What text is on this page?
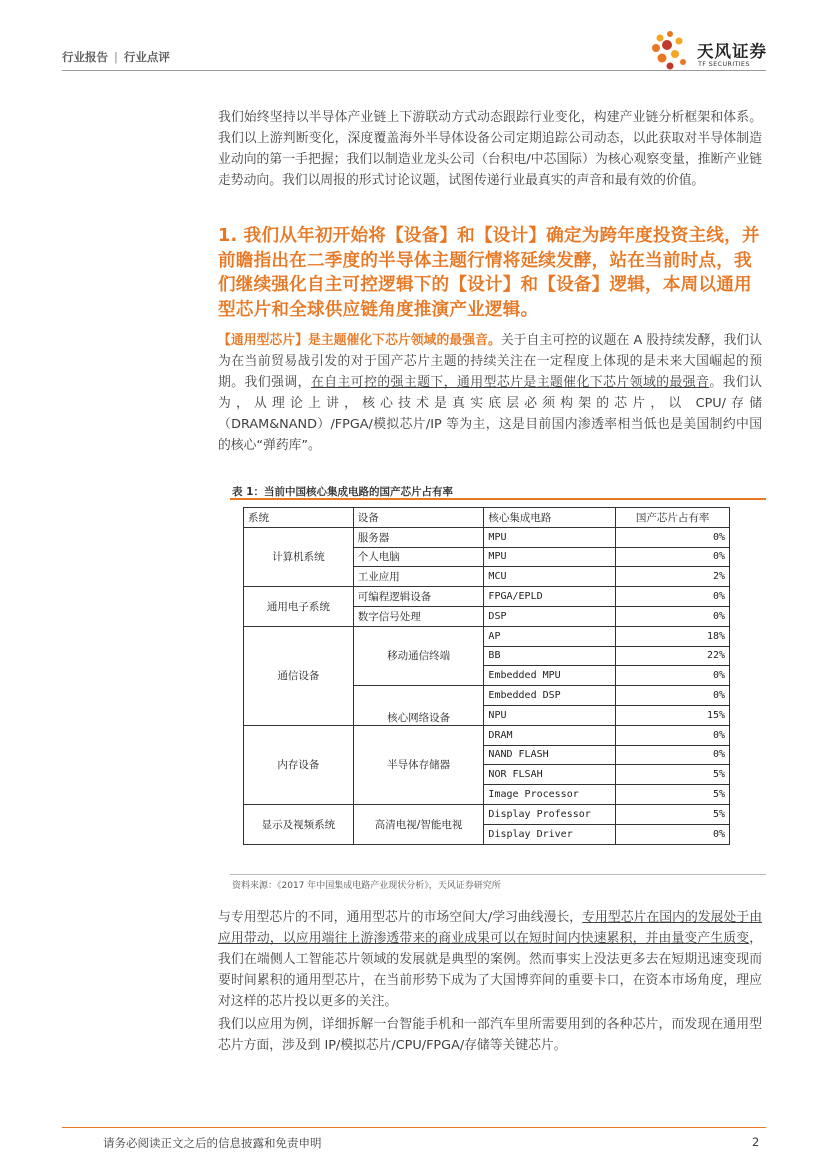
行业报告 | 行业点评	天风证券
TF SECURITIES
我们始终坚持以半导体产业链上下游联动方式动态跟踪行业变化，构建产业链分析框架和体系。我们以上游判断变化，深度覆盖海外半导体设备公司定期追踪公司动态，以此获取对半导体制造业动向的第一手把握；我们以制造业龙头公司（台积电/中芯国际）为核心观察变量，推断产业链走势动向。我们以周报的形式讨论议题，试图传递行业最真实的声音和最有效的价值。
1. 我们从年初开始将【设备】和【设计】确定为跨年度投资主线，并前瞻指出在二季度的半导体主题行情将延续发酵，站在当前时点，我们继续强化自主可控逻辑下的【设计】和【设备】逻辑，本周以通用型芯片和全球供应链角度推演产业逻辑。
【通用型芯片】是主题催化下芯片领域的最强音。关于自主可控的议题在 A 股持续发酵，我们认为在当前贸易战引发的对于国产芯片主题的持续关注在一定程度上体现的是未来大国崛起的预期。我们强调，在自主可控的强主题下，通用型芯片是主题催化下芯片领域的最强音。我们认为，从理论上讲，核心技术是真实底层必须构架的芯片，以 CPU/存储（DRAM&NAND）/FPGA/模拟芯片/IP 等为主，这是目前国内渗透率相当低也是美国制约中国的核心“弹药库”。
表 1：当前中国核心集成电路的国产芯片占有率
系统	设备	核心集成电路	国产芯片占有率
计算机系统	服务器	MPU	0%
	个人电脑	MPU	0%
	工业应用	MCU	2%
通用电子系统	可编程逻辑设备	FPGA/EPLD	0%
	数字信号处理	DSP	0%
通信设备	移动通信终端	AP	18%
		BB	22%
		Embedded MPU	0%
	核心网络设备	Embedded DSP	0%
		NPU	15%
内存设备	半导体存储器	DRAM	0%
		NAND FLASH	0%
		NOR FLSAH	5%
		Image Processor	5%
显示及视频系统	高清电视/智能电视	Display Professor	5%
		Display Driver	0%
资料来源：《2017 年中国集成电路产业现状分析》，天风证券研究所
与专用型芯片的不同，通用型芯片的市场空间大/学习曲线漫长，专用型芯片在国内的发展处于由应用带动，以应用端往上游渗透带来的商业成果可以在短时间内快速累积，并由量变产生质变，我们在端侧人工智能芯片领域的发展就是典型的案例。然而事实上没法更多去在短期迅速变现而要时间累积的通用型芯片，在当前形势下成为了大国博弈间的重要卡口，在资本市场角度，理应对这样的芯片投以更多的关注。
我们以应用为例，详细拆解一台智能手机和一部汽车里所需要用到的各种芯片，而发现在通用型芯片方面，涉及到 IP/模拟芯片/CPU/FPGA/存储等关键芯片。
请务必阅读正文之后的信息披露和免责申明	2
